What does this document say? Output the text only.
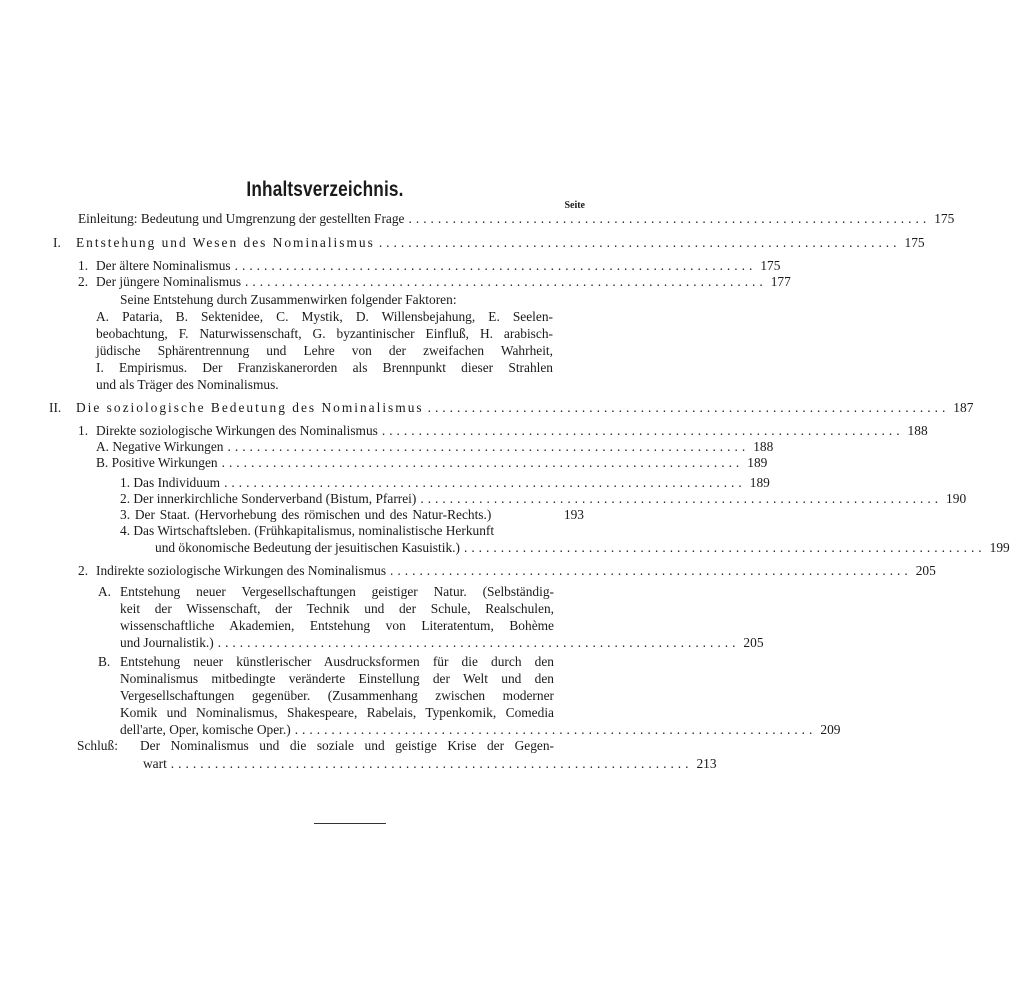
Inhaltsverzeichnis.
Seite
Einleitung: Bedeutung und Umgrenzung der gestellten Frage ....................................................................... 175
I. Entstehung und Wesen des Nominalismus ....................................................................... 175
1. Der ältere Nominalismus ....................................................................... 175
2. Der jüngere Nominalismus ....................................................................... 177
Seine Entstehung durch Zusammenwirken folgender Faktoren:
A. Pataria, B. Sektenidee, C. Mystik, D. Willensbejahung, E. Seelen-
beobachtung, F. Naturwissenschaft, G. byzantinischer Einfluß, H. arabisch-
jüdische Sphärentrennung und Lehre von der zweifachen Wahrheit,
I. Empirismus. Der Franziskanerorden als Brennpunkt dieser Strahlen
und als Träger des Nominalismus.
II. Die soziologische Bedeutung des Nominalismus ....................................................................... 187
1. Direkte soziologische Wirkungen des Nominalismus ....................................................................... 188
A. Negative Wirkungen ....................................................................... 188
B. Positive Wirkungen ....................................................................... 189
1. Das Individuum ....................................................................... 189
2. Der innerkirchliche Sonderverband (Bistum, Pfarrei) ....................................................................... 190
3. Der Staat. (Hervorhebung des römischen und des Natur-Rechts.)	193
4. Das Wirtschaftsleben. (Frühkapitalismus, nominalistische Herkunft
und ökonomische Bedeutung der jesuitischen Kasuistik.) ....................................................................... 199
2. Indirekte soziologische Wirkungen des Nominalismus ....................................................................... 205
A. Entstehung neuer Vergesellschaftungen geistiger Natur. (Selbständig-
keit der Wissenschaft, der Technik und der Schule, Realschulen,
wissenschaftliche Akademien, Entstehung von Literatentum, Bohème
und Journalistik.) ....................................................................... 205
B. Entstehung neuer künstlerischer Ausdrucksformen für die durch den
Nominalismus mitbedingte veränderte Einstellung der Welt und den
Vergesellschaftungen gegenüber. (Zusammenhang zwischen moderner
Komik und Nominalismus, Shakespeare, Rabelais, Typenkomik, Comedia
dell'arte, Oper, komische Oper.) ....................................................................... 209
Schluß: Der Nominalismus und die soziale und geistige Krise der Gegen-
wart ....................................................................... 213
